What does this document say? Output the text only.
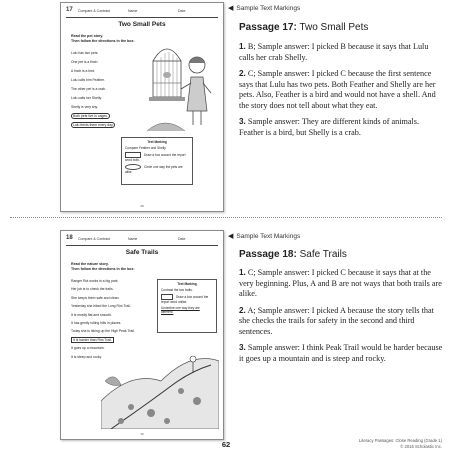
17 Compare & Contrast	Name	Date
Two Small Pets
Read the pet story.
Then follow the directions in the box.
Lulu has two pets.
One pet is a finch.
A finch is a bird.
Lulu calls him Feather.
The other pet is a crab.
Lulu calls her Shelly.
Shelly is very shy.
Both pets live in cages.
Lulu feeds them every day.
Text Marking
Compare Feather and Shelly.
Draw a box around the report word both.
Circle one way the pets are alike.
28
◀ Sample Text Markings
Passage 17: Two Small Pets

1. B; Sample answer: I picked B because it says that Lulu calls her crab Shelly.

2. C; Sample answer: I picked C because the first sentence says that Lulu has two pets. Both Feather and Shelly are her pets. Also, Feather is a bird and would not have a shell. And the story does not tell about what they eat.

3. Sample answer: They are different kinds of animals. Feather is a bird, but Shelly is a crab.

18 Compare & Contrast	Name	Date
Safe Trails
Read the nature story.
Then follow the directions in the box.
Ranger Rot works in a big park.
Her job is to check the trails.
She keeps them safe and clean.
Yesterday she hiked the Long Rim Trail.
It is mostly flat and smooth.
It has gently rolling hills in places.
Today she is hiking up the High Peak Trail.
It is harder than Rim Trail.
It goes up a mountain.
It is steep and rocky.
Text Marking
Contrast the two trails.
Draw a box around the report word unlike.
Underline one way they are different.
30
◀ Sample Text Markings
Passage 18: Safe Trails

1. C; Sample answer: I picked C because it says that at the very beginning. Plus, A and B are not ways that both trails are alike.

2. A; Sample answer: I picked A because the story tells that she checks the trails for safety in the second and third sentences.

3. Sample answer: I think Peak Trail would be harder because it goes up a mountain and is steep and rocky.

62	Literacy Passages: Close Reading (Grade 1)
© 2016 Scholastic Inc.
